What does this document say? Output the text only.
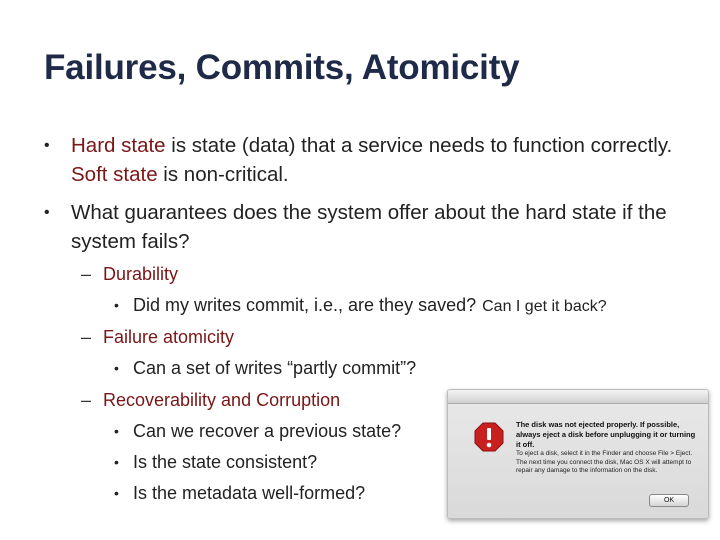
Failures, Commits, Atomicity
• Hard state is state (data) that a service needs to function correctly. Soft state is non-critical.
• What guarantees does the system offer about the hard state if the system fails?
– Durability
• Did my writes commit, i.e., are they saved? Can I get it back?
– Failure atomicity
• Can a set of writes “partly commit”?
– Recoverability and Corruption
• Can we recover a previous state?
• Is the state consistent?
• Is the metadata well-formed?
The disk was not ejected properly. If possible, always eject a disk before unplugging it or turning it off.
To eject a disk, select it in the Finder and choose File > Eject. The next time you connect the disk, Mac OS X will attempt to repair any damage to the information on the disk.
OK
